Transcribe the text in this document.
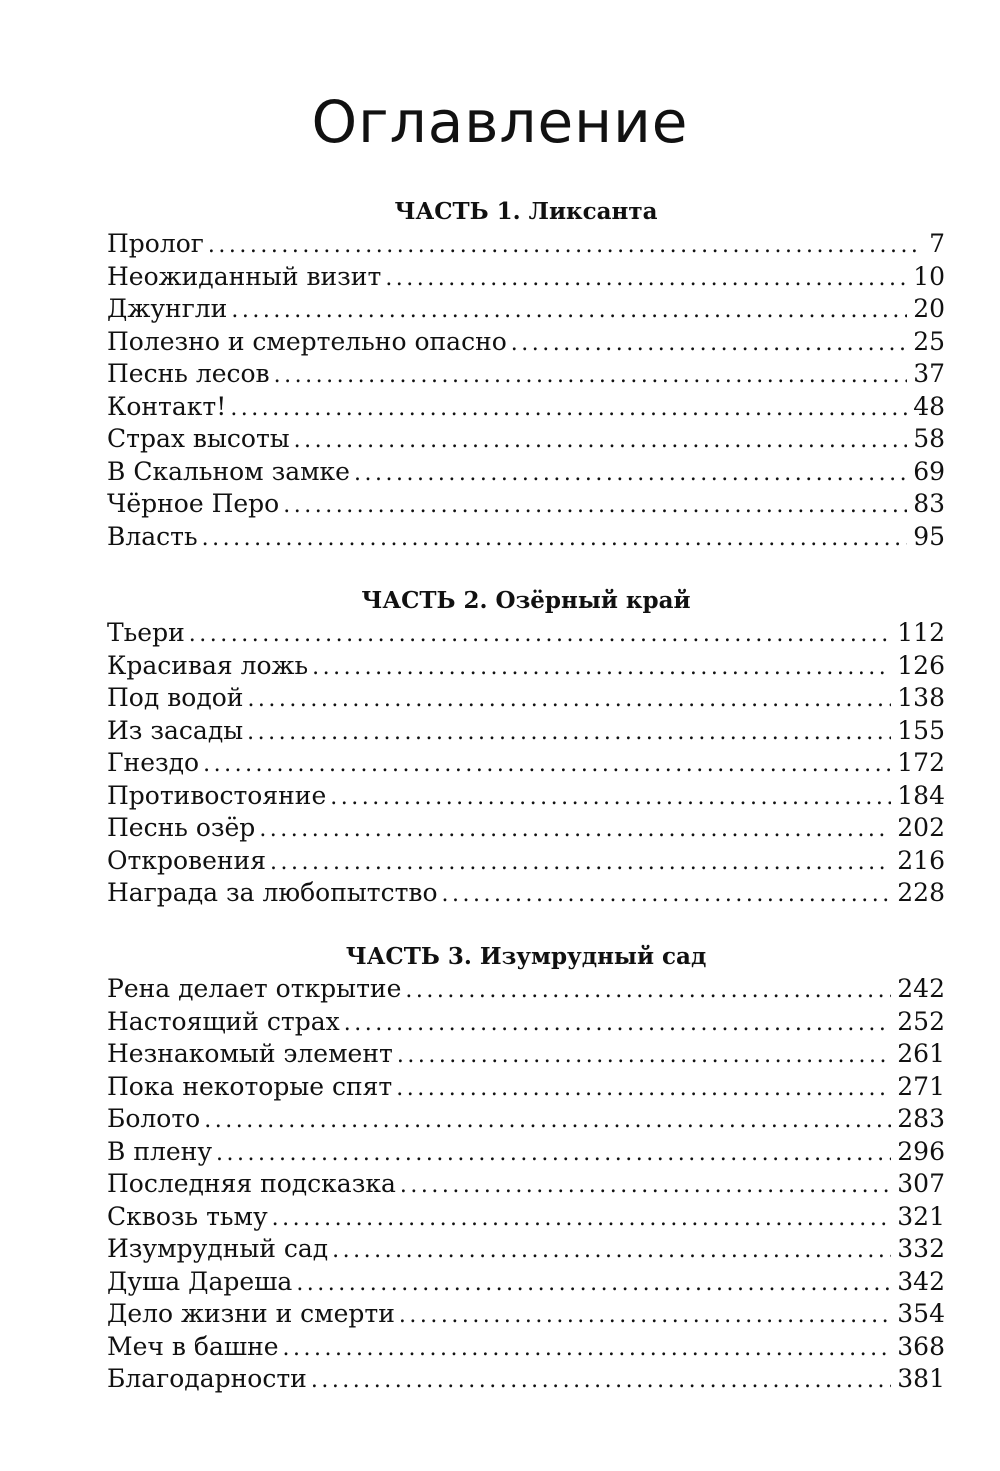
Оглавление
ЧАСТЬ 1. Ликсанта
Пролог .....	7
Неожиданный визит .....	10
Джунгли .....	20
Полезно и смертельно опасно .....	25
Песнь лесов .....	37
Контакт! .....	48
Страх высоты .....	58
В Скальном замке .....	69
Чёрное Перо .....	83
Власть .....	95
ЧАСТЬ 2. Озёрный край
Тьери .....	112
Красивая ложь .....	126
Под водой .....	138
Из засады .....	155
Гнездо .....	172
Противостояние .....	184
Песнь озёр .....	202
Откровения .....	216
Награда за любопытство .....	228
ЧАСТЬ 3. Изумрудный сад
Рена делает открытие .....	242
Настоящий страх .....	252
Незнакомый элемент .....	261
Пока некоторые спят .....	271
Болото .....	283
В плену .....	296
Последняя подсказка .....	307
Сквозь тьму .....	321
Изумрудный сад .....	332
Душа Дареша .....	342
Дело жизни и смерти .....	354
Меч в башне .....	368
Благодарности .....	381
